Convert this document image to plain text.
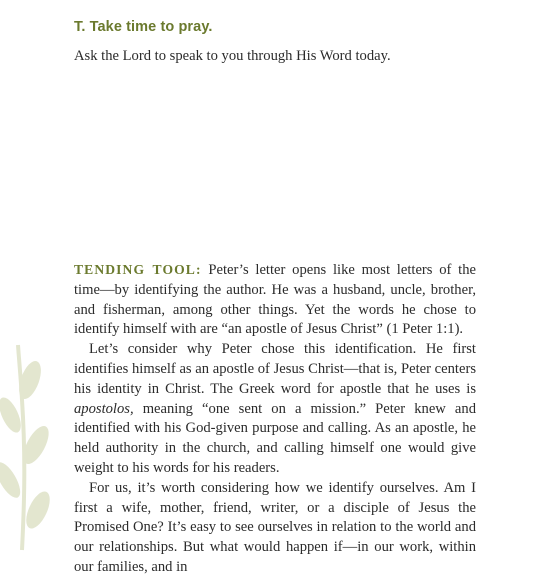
T. Take time to pray.
Ask the Lord to speak to you through His Word today.

TENDING TOOL: Peter’s letter opens like most letters of the time—by identifying the author. He was a husband, uncle, brother, and fisherman, among other things. Yet the words he chose to identify himself with are “an apostle of Jesus Christ” (1 Peter 1:1).

Let’s consider why Peter chose this identification. He first identifies himself as an apostle of Jesus Christ—that is, Peter centers his identity in Christ. The Greek word for apostle that he uses is apostolos, meaning “one sent on a mission.” Peter knew and identified with his God-given purpose and calling. As an apostle, he held authority in the church, and calling himself one would give weight to his words for his readers.

For us, it’s worth considering how we identify ourselves. Am I first a wife, mother, friend, writer, or a disciple of Jesus the Promised One? It’s easy to see ourselves in relation to the world and our relationships. But what would happen if—in our work, within our families, and in
